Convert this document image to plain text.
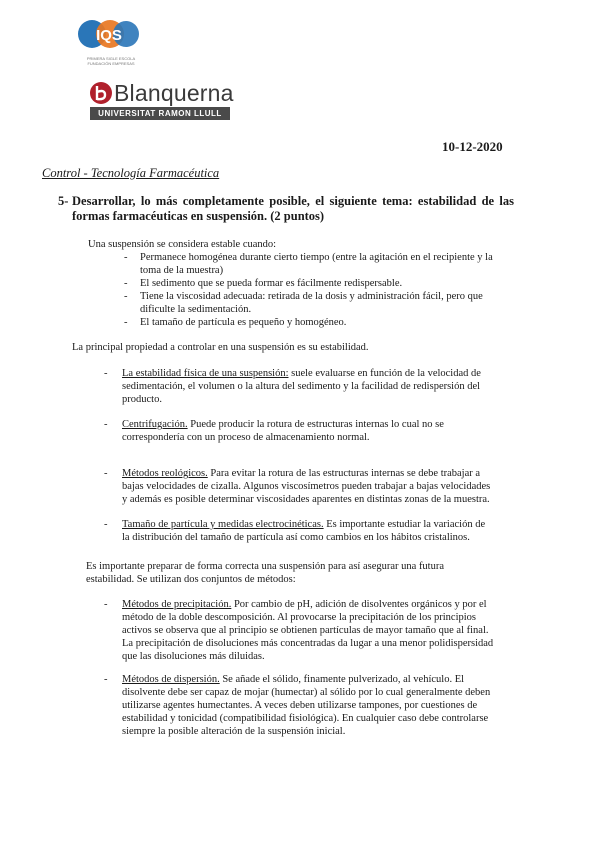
IQS
PRIMERA SIGLE ESCOLA
FUNDACIÓN EMPRESAS
Blanquerna
UNIVERSITAT RAMON LLULL
10-12-2020
Control - Tecnología Farmacéutica
5- Desarrollar, lo más completamente posible, el siguiente tema: estabilidad de las formas farmacéuticas en suspensión. (2 puntos)
Una suspensión se considera estable cuando:
- Permanece homogénea durante cierto tiempo (entre la agitación en el recipiente y la
toma de la muestra)
- El sedimento que se pueda formar es fácilmente redispersable.
- Tiene la viscosidad adecuada: retirada de la dosis y administración fácil, pero que
dificulte la sedimentación.
- El tamaño de partícula es pequeño y homogéneo.
La principal propiedad a controlar en una suspensión es su estabilidad.
- La estabilidad física de una suspensión: suele evaluarse en función de la velocidad de
sedimentación, el volumen o la altura del sedimento y la facilidad de redispersión del
producto.
- Centrifugación. Puede producir la rotura de estructuras internas lo cual no se
correspondería con un proceso de almacenamiento normal.
- Métodos reológicos. Para evitar la rotura de las estructuras internas se debe trabajar a
bajas velocidades de cizalla. Algunos viscosímetros pueden trabajar a bajas velocidades
y además es posible determinar viscosidades aparentes en distintas zonas de la muestra.
- Tamaño de partícula y medidas electrocinéticas. Es importante estudiar la variación de
la distribución del tamaño de partícula así como cambios en los hábitos cristalinos.
Es importante preparar de forma correcta una suspensión para así asegurar una futura
estabilidad. Se utilizan dos conjuntos de métodos:
- Métodos de precipitación. Por cambio de pH, adición de disolventes orgánicos y por el
método de la doble descomposición. Al provocarse la precipitación de los principios
activos se observa que al principio se obtienen partículas de mayor tamaño que al final.
La precipitación de disoluciones más concentradas da lugar a una menor polidispersidad
que las disoluciones más diluidas.
- Métodos de dispersión. Se añade el sólido, finamente pulverizado, al vehículo. El
disolvente debe ser capaz de mojar (humectar) al sólido por lo cual generalmente deben
utilizarse agentes humectantes. A veces deben utilizarse tampones, por cuestiones de
estabilidad y tonicidad (compatibilidad fisiológica). En cualquier caso debe controlarse
siempre la posible alteración de la suspensión inicial.
